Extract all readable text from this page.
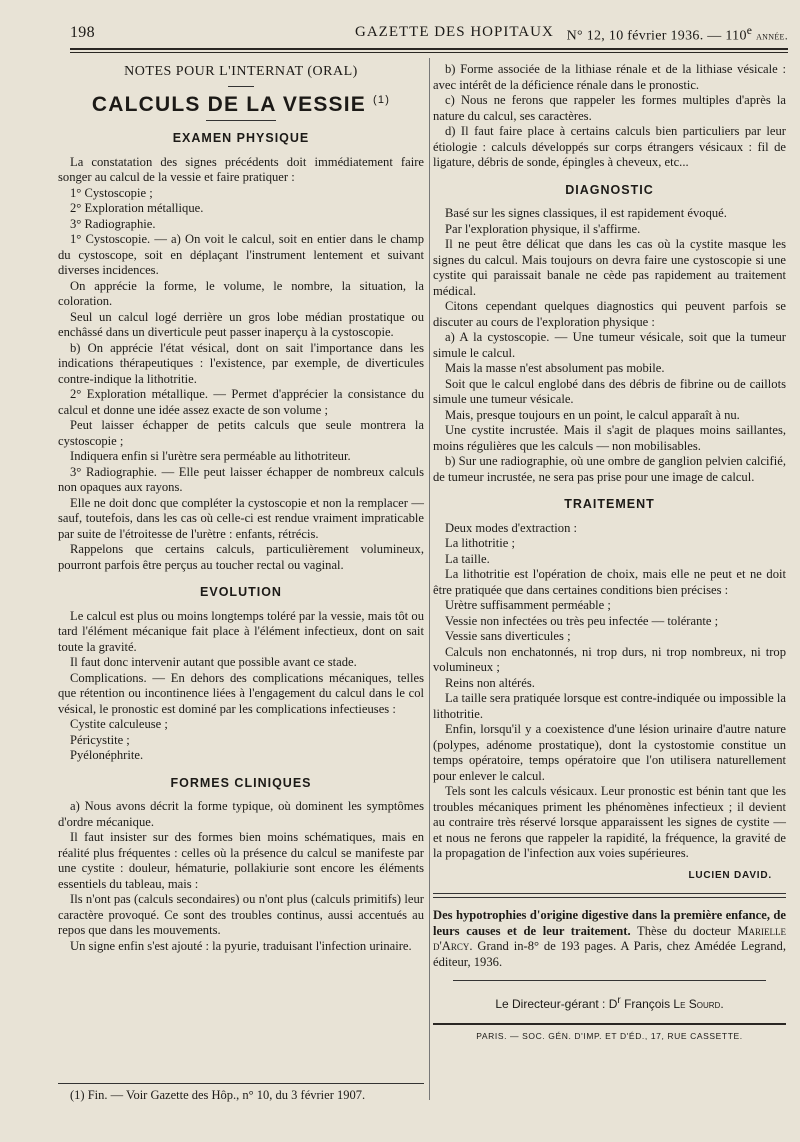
198	GAZETTE DES HOPITAUX N° 12, 10 février 1936. — 110e année.
NOTES POUR L'INTERNAT (ORAL)
CALCULS DE LA VESSIE $^{(1)}$
EXAMEN PHYSIQUE

La constatation des signes précédents doit immédiatement faire songer au calcul de la vessie et faire pratiquer :

1° Cystoscopie ;

2° Exploration métallique.

3° Radiographie.

1° Cystoscopie. — a) On voit le calcul, soit en entier dans le champ du cystoscope, soit en déplaçant l'instrument lentement et suivant diverses incidences.

On apprécie la forme, le volume, le nombre, la situation, la coloration.

Seul un calcul logé derrière un gros lobe médian prostatique ou enchâssé dans un diverticule peut passer inaperçu à la cystoscopie.

b) On apprécie l'état vésical, dont on sait l'importance dans les indications thérapeutiques : l'existence, par exemple, de diverticules contre-indique la lithotritie.

2° Exploration métallique. — Permet d'apprécier la consistance du calcul et donne une idée assez exacte de son volume ;

Peut laisser échapper de petits calculs que seule montrera la cystoscopie ;

Indiquera enfin si l'urètre sera perméable au lithotriteur.

3° Radiographie. — Elle peut laisser échapper de nombreux calculs non opaques aux rayons.

Elle ne doit donc que compléter la cystoscopie et non la remplacer — sauf, toutefois, dans les cas où celle-ci est rendue vraiment impraticable par suite de l'étroitesse de l'urètre : enfants, rétrécis.

Rappelons que certains calculs, particulièrement volumineux, pourront parfois être perçus au toucher rectal ou vaginal.

EVOLUTION

Le calcul est plus ou moins longtemps toléré par la vessie, mais tôt ou tard l'élément mécanique fait place à l'élément infectieux, dont on sait toute la gravité.

Il faut donc intervenir autant que possible avant ce stade.

Complications. — En dehors des complications mécaniques, telles que rétention ou incontinence liées à l'engagement du calcul dans le col vésical, le pronostic est dominé par les complications infectieuses :

Cystite calculeuse ;

Péricystite ;

Pyélonéphrite.

FORMES CLINIQUES

a) Nous avons décrit la forme typique, où dominent les symptômes d'ordre mécanique.

Il faut insister sur des formes bien moins schématiques, mais en réalité plus fréquentes : celles où la présence du calcul se manifeste par une cystite : douleur, hématurie, pollakiurie sont encore les éléments essentiels du tableau, mais :

Ils n'ont pas (calculs secondaires) ou n'ont plus (calculs primitifs) leur caractère provoqué. Ce sont des troubles continus, aussi accentués au repos que dans les mouvements.

Un signe enfin s'est ajouté : la pyurie, traduisant l'infection urinaire.

(1) Fin. — Voir Gazette des Hôp., n° 10, du 3 février 1907.

b) Forme associée de la lithiase rénale et de la lithiase vésicale : avec intérêt de la déficience rénale dans le pronostic.

c) Nous ne ferons que rappeler les formes multiples d'après la nature du calcul, ses caractères.

d) Il faut faire place à certains calculs bien particuliers par leur étiologie : calculs développés sur corps étrangers vésicaux : fil de ligature, débris de sonde, épingles à cheveux, etc...

DIAGNOSTIC

Basé sur les signes classiques, il est rapidement évoqué.

Par l'exploration physique, il s'affirme.

Il ne peut être délicat que dans les cas où la cystite masque les signes du calcul. Mais toujours on devra faire une cystoscopie si une cystite qui paraissait banale ne cède pas rapidement au traitement médical.

Citons cependant quelques diagnostics qui peuvent parfois se discuter au cours de l'exploration physique :

a) A la cystoscopie. — Une tumeur vésicale, soit que la tumeur simule le calcul.

Mais la masse n'est absolument pas mobile.

Soit que le calcul englobé dans des débris de fibrine ou de caillots simule une tumeur vésicale.

Mais, presque toujours en un point, le calcul apparaît à nu.

Une cystite incrustée. Mais il s'agit de plaques moins saillantes, moins régulières que les calculs — non mobilisables.

b) Sur une radiographie, où une ombre de ganglion pelvien calcifié, de tumeur incrustée, ne sera pas prise pour une image de calcul.

TRAITEMENT

Deux modes d'extraction :

La lithotritie ;

La taille.

La lithotritie est l'opération de choix, mais elle ne peut et ne doit être pratiquée que dans certaines conditions bien précises :

Urètre suffisamment perméable ;

Vessie non infectées ou très peu infectée — tolérante ;

Vessie sans diverticules ;

Calculs non enchatonnés, ni trop durs, ni trop nombreux, ni trop volumineux ;

Reins non altérés.

La taille sera pratiquée lorsque est contre-indiquée ou impossible la lithotritie.

Enfin, lorsqu'il y a coexistence d'une lésion urinaire d'autre nature (polypes, adénome prostatique), dont la cystostomie constitue un temps opératoire, temps opératoire que l'on utilisera naturellement pour enlever le calcul.

Tels sont les calculs vésicaux. Leur pronostic est bénin tant que les troubles mécaniques priment les phénomènes infectieux ; il devient au contraire très réservé lorsque apparaissent les signes de cystite — et nous ne ferons que rappeler la rapidité, la fréquence, la gravité de la propagation de l'infection aux voies supérieures.

LUCIEN DAVID.
Des hypotrophies d'origine digestive dans la première enfance, de leurs causes et de leur traitement. Thèse du docteur Marielle d'Arcy. Grand in-8° de 193 pages. A Paris, chez Amédée Legrand, éditeur, 1936.
Le Directeur-gérant : $D^r$ François Le Sourd.
PARIS. — SOC. GÉN. D'IMP. ET D'ÉD., 17, RUE CASSETTE.
